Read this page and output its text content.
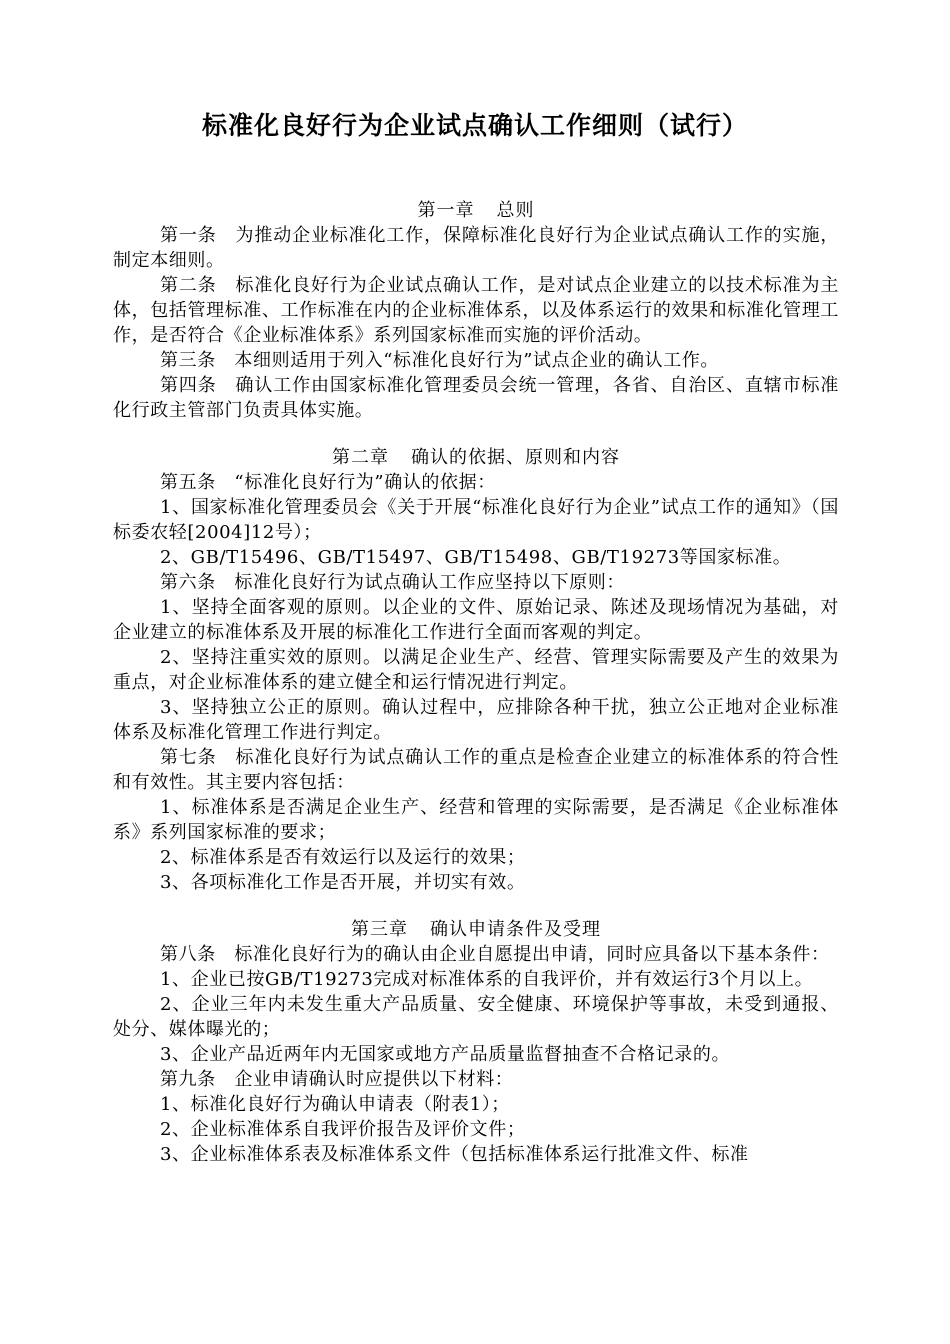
标准化良好行为企业试点确认工作细则（试行）

第一章 总则

第一条　为推动企业标准化工作，保障标准化良好行为企业试点确认工作的实施，制定本细则。

第二条　标准化良好行为企业试点确认工作，是对试点企业建立的以技术标准为主体，包括管理标准、工作标准在内的企业标准体系，以及体系运行的效果和标准化管理工作，是否符合《企业标准体系》系列国家标准而实施的评价活动。

第三条　本细则适用于列入“标准化良好行为”试点企业的确认工作。

第四条　确认工作由国家标准化管理委员会统一管理，各省、自治区、直辖市标准化行政主管部门负责具体实施。

第二章 确认的依据、原则和内容

第五条　“标准化良好行为”确认的依据：

1、国家标准化管理委员会《关于开展“标准化良好行为企业”试点工作的通知》（国标委农轻[2004]12号）；

2、GB/T15496、GB/T15497、GB/T15498、GB/T19273等国家标准。

第六条　标准化良好行为试点确认工作应坚持以下原则：

1、坚持全面客观的原则。以企业的文件、原始记录、陈述及现场情况为基础，对企业建立的标准体系及开展的标准化工作进行全面而客观的判定。

2、坚持注重实效的原则。以满足企业生产、经营、管理实际需要及产生的效果为重点，对企业标准体系的建立健全和运行情况进行判定。

3、坚持独立公正的原则。确认过程中，应排除各种干扰，独立公正地对企业标准体系及标准化管理工作进行判定。

第七条　标准化良好行为试点确认工作的重点是检查企业建立的标准体系的符合性和有效性。其主要内容包括：

1、标准体系是否满足企业生产、经营和管理的实际需要，是否满足《企业标准体系》系列国家标准的要求；

2、标准体系是否有效运行以及运行的效果；

3、各项标准化工作是否开展，并切实有效。

第三章 确认申请条件及受理

第八条　标准化良好行为的确认由企业自愿提出申请，同时应具备以下基本条件：

1、企业已按GB/T19273完成对标准体系的自我评价，并有效运行3个月以上。

2、企业三年内未发生重大产品质量、安全健康、环境保护等事故，未受到通报、处分、媒体曝光的；

3、企业产品近两年内无国家或地方产品质量监督抽查不合格记录的。

第九条　企业申请确认时应提供以下材料：

1、标准化良好行为确认申请表（附表1）；

2、企业标准体系自我评价报告及评价文件；

3、企业标准体系表及标准体系文件（包括标准体系运行批准文件、标准
